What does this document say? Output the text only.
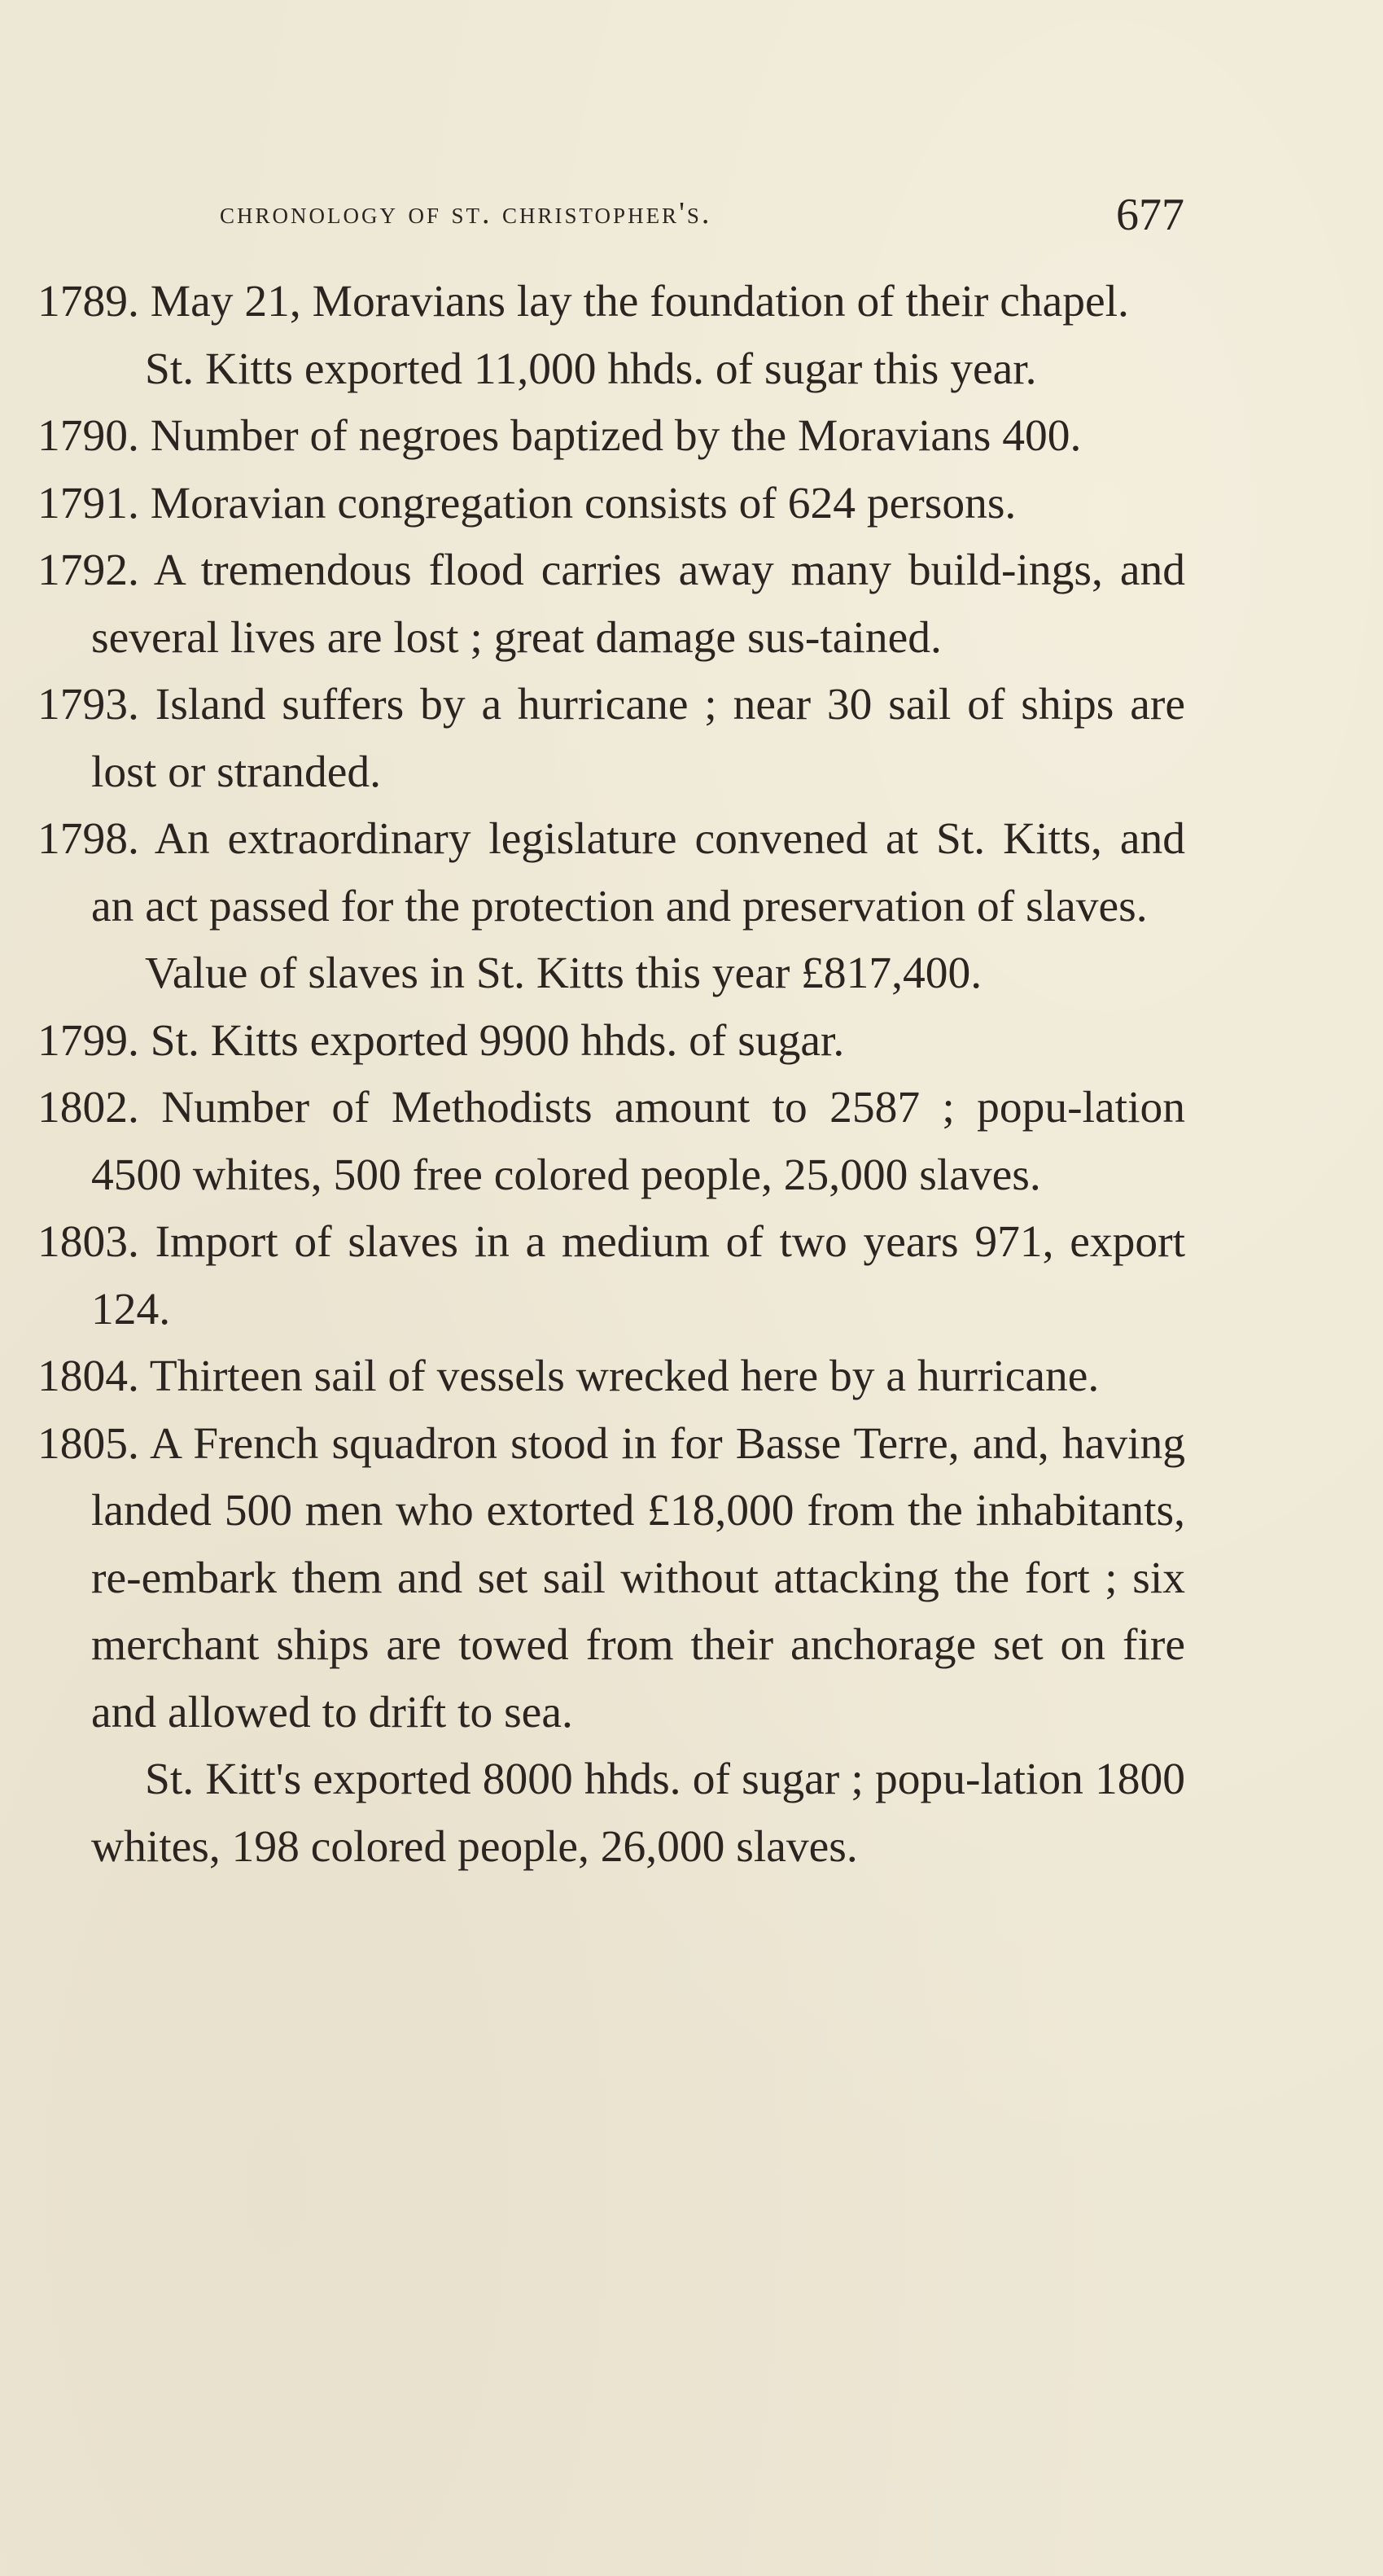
chronology of st. christopher's.	677

1789. May 21, Moravians lay the foundation of their chapel.

St. Kitts exported 11,000 hhds. of sugar this year.

1790. Number of negroes baptized by the Moravians 400.

1791. Moravian congregation consists of 624 persons.

1792. A tremendous flood carries away many build-ings, and several lives are lost ; great damage sus-tained.

1793. Island suffers by a hurricane ; near 30 sail of ships are lost or stranded.

1798. An extraordinary legislature convened at St. Kitts, and an act passed for the protection and preservation of slaves.

Value of slaves in St. Kitts this year £817,400.

1799. St. Kitts exported 9900 hhds. of sugar.

1802. Number of Methodists amount to 2587 ; popu-lation 4500 whites, 500 free colored people, 25,000 slaves.

1803. Import of slaves in a medium of two years 971, export 124.

1804. Thirteen sail of vessels wrecked here by a hurricane.

1805. A French squadron stood in for Basse Terre, and, having landed 500 men who extorted £18,000 from the inhabitants, re-embark them and set sail without attacking the fort ; six merchant ships are towed from their anchorage set on fire and allowed to drift to sea.

St. Kitt's exported 8000 hhds. of sugar ; popu-lation 1800 whites, 198 colored people, 26,000 slaves.
